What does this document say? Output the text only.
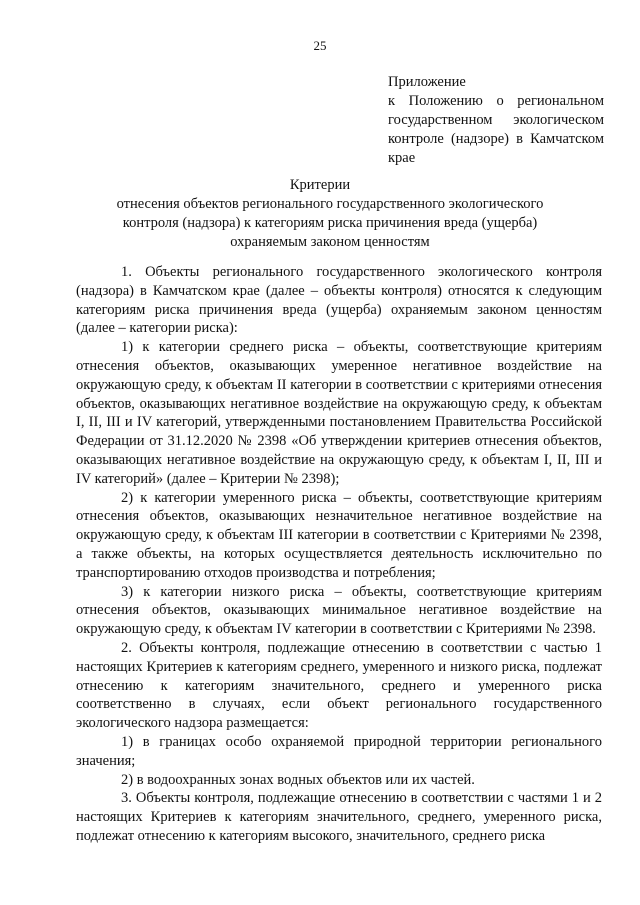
25
Приложение
к Положению о региональном государственном экологическом контроле (надзоре) в Камчатском крае
Критерии
отнесения объектов регионального государственного экологического контроля (надзора) к категориям риска причинения вреда (ущерба) охраняемым законом ценностям

1. Объекты регионального государственного экологического контроля (надзора) в Камчатском крае (далее – объекты контроля) относятся к следующим категориям риска причинения вреда (ущерба) охраняемым законом ценностям (далее – категории риска):

1) к категории среднего риска – объекты, соответствующие критериям отнесения объектов, оказывающих умеренное негативное воздействие на окружающую среду, к объектам II категории в соответствии с критериями отнесения объектов, оказывающих негативное воздействие на окружающую среду, к объектам I, II, III и IV категорий, утвержденными постановлением Правительства Российской Федерации от 31.12.2020 № 2398 «Об утверждении критериев отнесения объектов, оказывающих негативное воздействие на окружающую среду, к объектам I, II, III и IV категорий» (далее – Критерии № 2398);

2) к категории умеренного риска – объекты, соответствующие критериям отнесения объектов, оказывающих незначительное негативное воздействие на окружающую среду, к объектам III категории в соответствии с Критериями № 2398, а также объекты, на которых осуществляется деятельность исключительно по транспортированию отходов производства и потребления;

3) к категории низкого риска – объекты, соответствующие критериям отнесения объектов, оказывающих минимальное негативное воздействие на окружающую среду, к объектам IV категории в соответствии с Критериями № 2398.

2. Объекты контроля, подлежащие отнесению в соответствии с частью 1 настоящих Критериев к категориям среднего, умеренного и низкого риска, подлежат отнесению к категориям значительного, среднего и умеренного риска соответственно в случаях, если объект регионального государственного экологического надзора размещается:

1) в границах особо охраняемой природной территории регионального значения;

2) в водоохранных зонах водных объектов или их частей.

3. Объекты контроля, подлежащие отнесению в соответствии с частями 1 и 2 настоящих Критериев к категориям значительного, среднего, умеренного риска, подлежат отнесению к категориям высокого, значительного, среднего риска
